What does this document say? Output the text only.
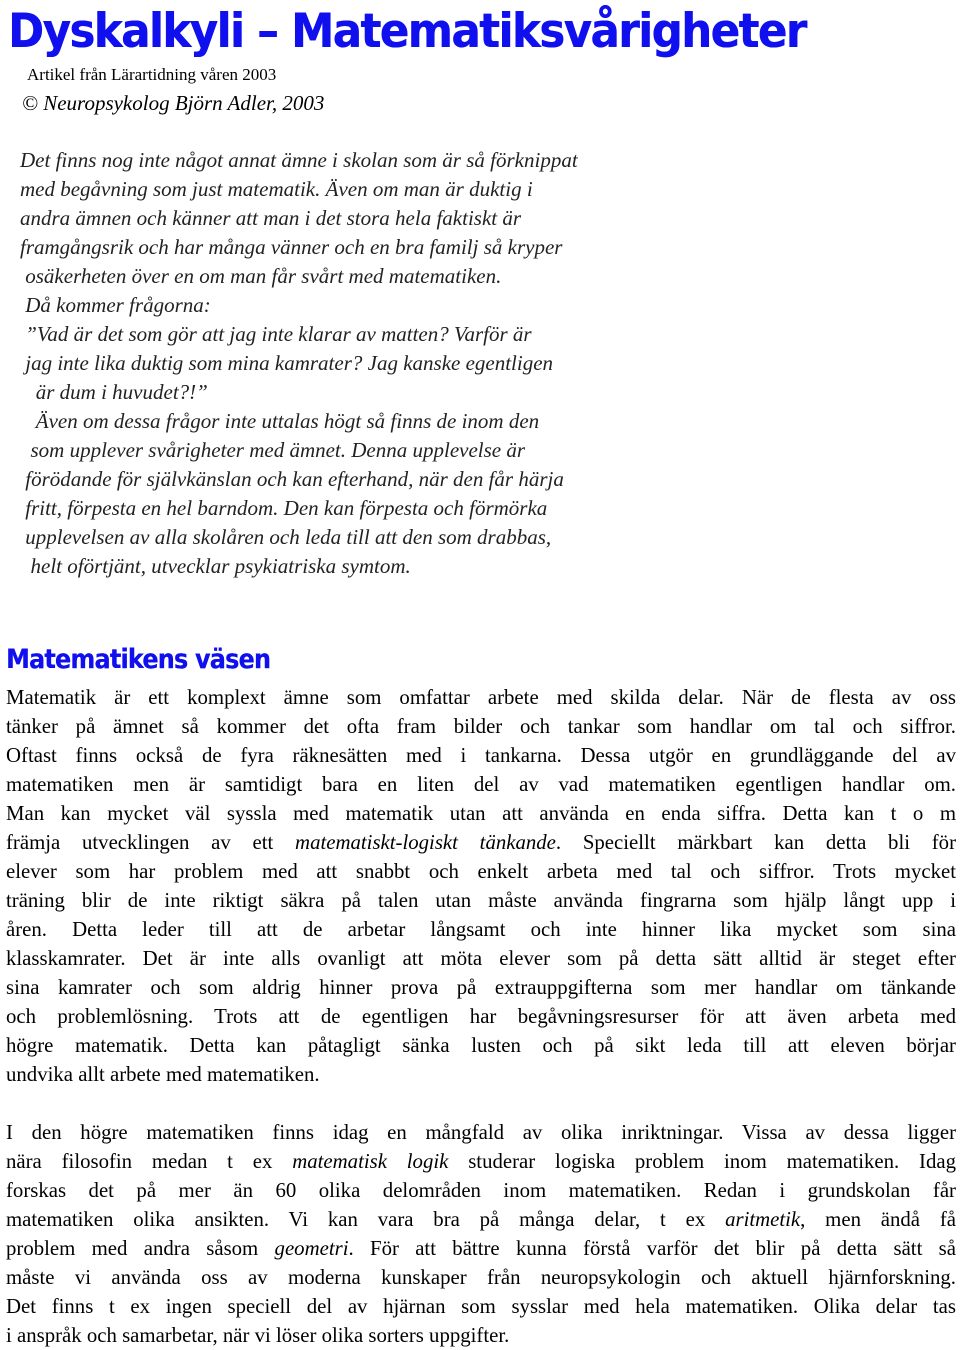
Dyskalkyli – Matematiksvårigheter
Artikel från Lärartidning våren 2003
© Neuropsykolog Björn Adler, 2003
Det finns nog inte något annat ämne i skolan som är så förknippat
med begåvning som just matematik. Även om man är duktig i
andra ämnen och känner att man i det stora hela faktiskt är
framgångsrik och har många vänner och en bra familj så kryper
osäkerheten över en om man får svårt med matematiken.
Då kommer frågorna:
”Vad är det som gör att jag inte klarar av matten? Varför är
jag inte lika duktig som mina kamrater? Jag kanske egentligen
är dum i huvudet?!”
Även om dessa frågor inte uttalas högt så finns de inom den
som upplever svårigheter med ämnet. Denna upplevelse är
förödande för självkänslan och kan efterhand, när den får härja
fritt, förpesta en hel barndom. Den kan förpesta och förmörka
upplevelsen av alla skolåren och leda till att den som drabbas,
helt oförtjänt, utvecklar psykiatriska symtom.
Matematikens väsen
Matematik är ett komplext ämne som omfattar arbete med skilda delar. När de flesta av oss
tänker på ämnet så kommer det ofta fram bilder och tankar som handlar om tal och siffror.
Oftast finns också de fyra räknesätten med i tankarna. Dessa utgör en grundläggande del av
matematiken men är samtidigt bara en liten del av vad matematiken egentligen handlar om.
Man kan mycket väl syssla med matematik utan att använda en enda siffra. Detta kan t o m
främja utvecklingen av ett matematiskt-logiskt tänkande. Speciellt märkbart kan detta bli för
elever som har problem med att snabbt och enkelt arbeta med tal och siffror. Trots mycket
träning blir de inte riktigt säkra på talen utan måste använda fingrarna som hjälp långt upp i
åren. Detta leder till att de arbetar långsamt och inte hinner lika mycket som sina
klasskamrater. Det är inte alls ovanligt att möta elever som på detta sätt alltid är steget efter
sina kamrater och som aldrig hinner prova på extrauppgifterna som mer handlar om tänkande
och problemlösning. Trots att de egentligen har begåvningsresurser för att även arbeta med
högre matematik. Detta kan påtagligt sänka lusten och på sikt leda till att eleven börjar
undvika allt arbete med matematiken.
I den högre matematiken finns idag en mångfald av olika inriktningar. Vissa av dessa ligger
nära filosofin medan t ex matematisk logik studerar logiska problem inom matematiken. Idag
forskas det på mer än 60 olika delområden inom matematiken. Redan i grundskolan får
matematiken olika ansikten. Vi kan vara bra på många delar, t ex aritmetik, men ändå få
problem med andra såsom geometri. För att bättre kunna förstå varför det blir på detta sätt så
måste vi använda oss av moderna kunskaper från neuropsykologin och aktuell hjärnforskning.
Det finns t ex ingen speciell del av hjärnan som sysslar med hela matematiken. Olika delar tas
i anspråk och samarbetar, när vi löser olika sorters uppgifter.
